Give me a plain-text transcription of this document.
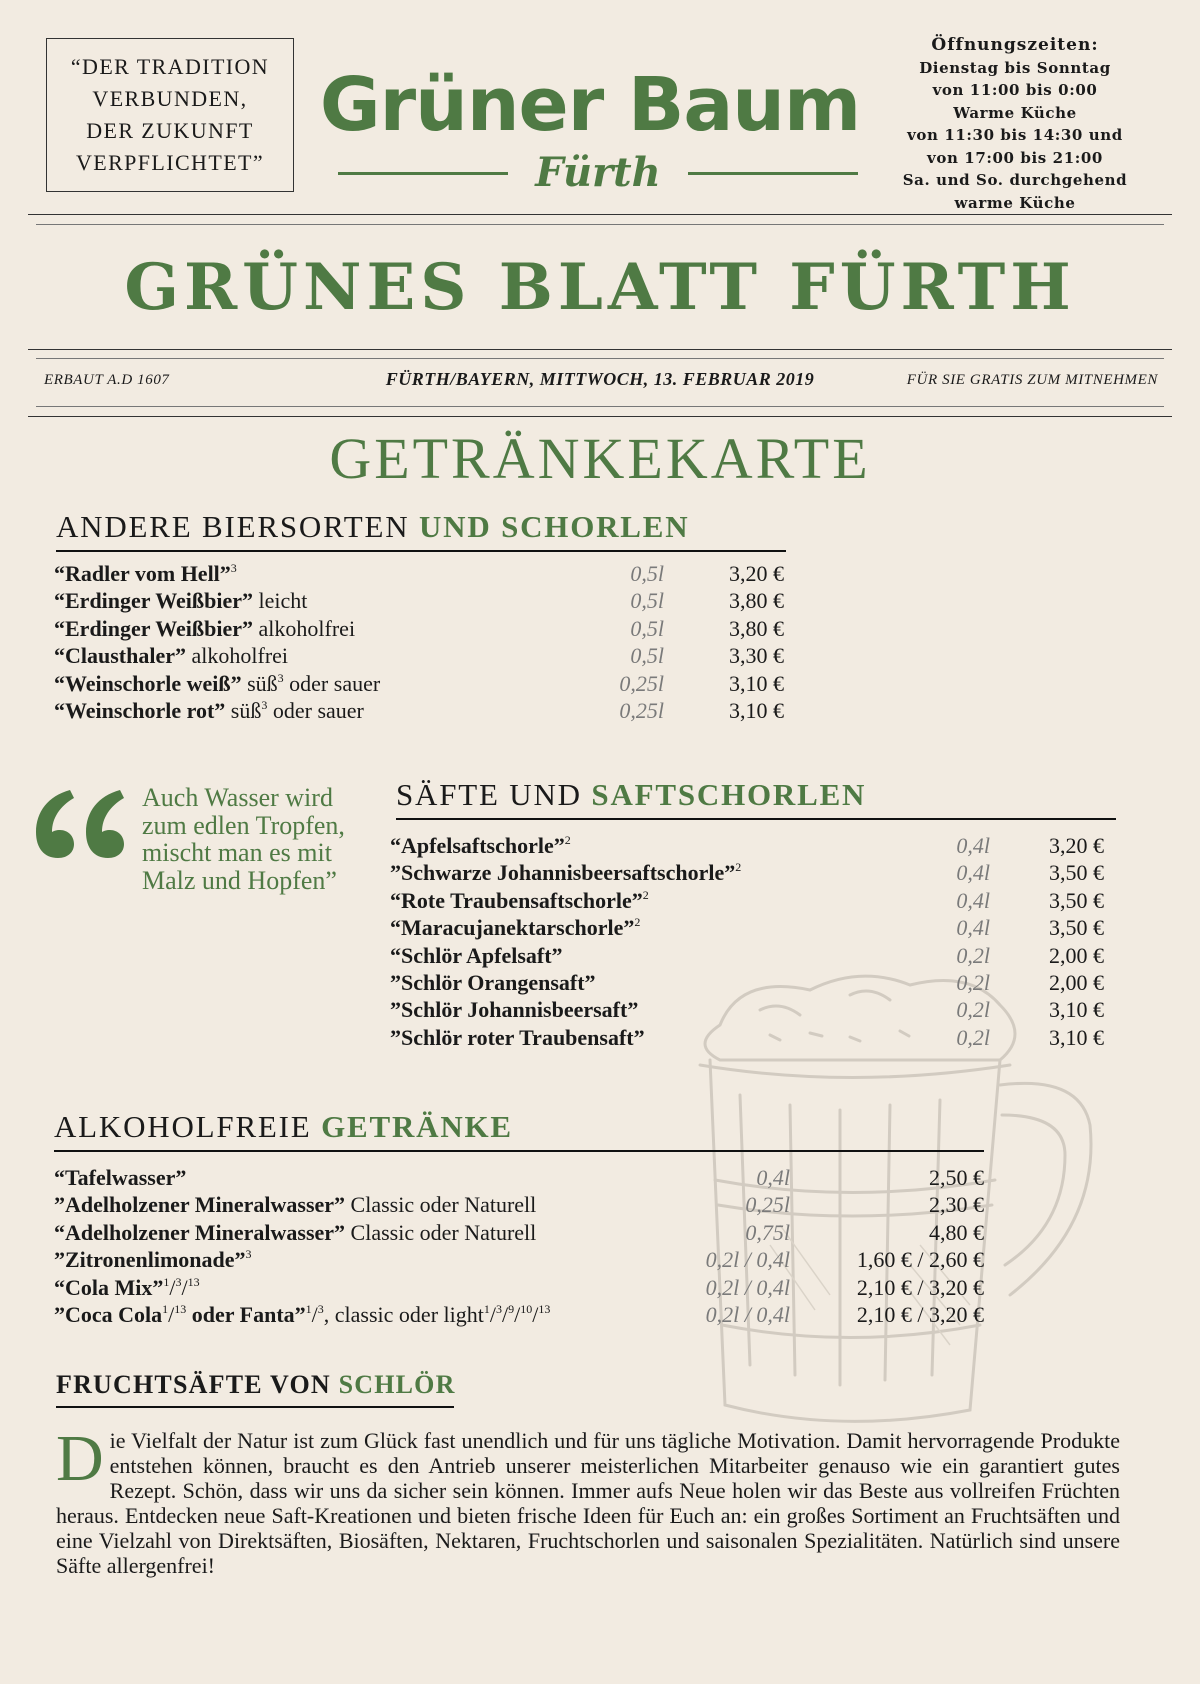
“DER TRADITION
VERBUNDEN,
DER ZUKUNFT
VERPFLICHTET”
Grüner Baum
Fürth
Öffnungszeiten:
Dienstag bis Sonntag
von 11:00 bis 0:00
Warme Küche
von 11:30 bis 14:30 und
von 17:00 bis 21:00
Sa. und So. durchgehend
warme Küche
GRÜNES BLATT FÜRTH
ERBAUT A.D 1607	FÜRTH/BAYERN, MITTWOCH, 13. FEBRUAR 2019	FÜR SIE GRATIS ZUM MITNEHMEN
GETRÄNKEKARTE
ANDERE BIERSORTEN UND SCHORLEN
“Radler vom Hell”$^3$	0,5l	3,20 €
“Erdinger Weißbier” leicht	0,5l	3,80 €
“Erdinger Weißbier” alkoholfrei	0,5l	3,80 €
“Clausthaler” alkoholfrei	0,5l	3,30 €
“Weinschorle weiß” süß$^3$ oder sauer	0,25l	3,10 €
“Weinschorle rot” süß$^3$ oder sauer	0,25l	3,10 €
Auch Wasser wird
zum edlen Tropfen,
mischt man es mit
Malz und Hopfen”
SÄFTE UND SAFTSCHORLEN
“Apfelsaftschorle”$^2$	0,4l	3,20 €
”Schwarze Johannisbeersaftschorle”$^2$	0,4l	3,50 €
“Rote Traubensaftschorle”$^2$	0,4l	3,50 €
“Maracujanektarschorle”$^2$	0,4l	3,50 €
“Schlör Apfelsaft”	0,2l	2,00 €
”Schlör Orangensaft”	0,2l	2,00 €
”Schlör Johannisbeersaft”	0,2l	3,10 €
”Schlör roter Traubensaft”	0,2l	3,10 €
ALKOHOLFREIE GETRÄNKE
“Tafelwasser”	0,4l	2,50 €
”Adelholzener Mineralwasser” Classic oder Naturell	0,25l	2,30 €
“Adelholzener Mineralwasser” Classic oder Naturell	0,75l	4,80 €
”Zitronenlimonade”$^3$	0,2l / 0,4l	1,60 € / 2,60 €
“Cola Mix”$^1$/$^3$/$^{13}$	0,2l / 0,4l	2,10 € / 3,20 €
”Coca Cola$^1$/$^{13}$ oder Fanta”$^1$/$^3$, classic oder light$^1$/$^3$/$^9$/$^{10}$/$^{13}$	0,2l / 0,4l	2,10 € / 3,20 €
FRUCHTSÄFTE VON SCHLÖR
Die Vielfalt der Natur ist zum Glück fast unendlich und für uns tägliche Motivation. Damit hervorragende Produkte entstehen können, braucht es den Antrieb unserer meisterlichen Mitarbeiter genauso wie ein garantiert gutes Rezept. Schön, dass wir uns da sicher sein können. Immer aufs Neue holen wir das Beste aus vollreifen Früchten heraus. Entdecken neue Saft-Kreationen und bieten frische Ideen für Euch an: ein großes Sortiment an Fruchtsäften und eine Vielzahl von Direktsäften, Biosäften, Nektaren, Fruchtschorlen und saisonalen Spezialitäten. Natürlich sind unsere Säfte allergenfrei!
